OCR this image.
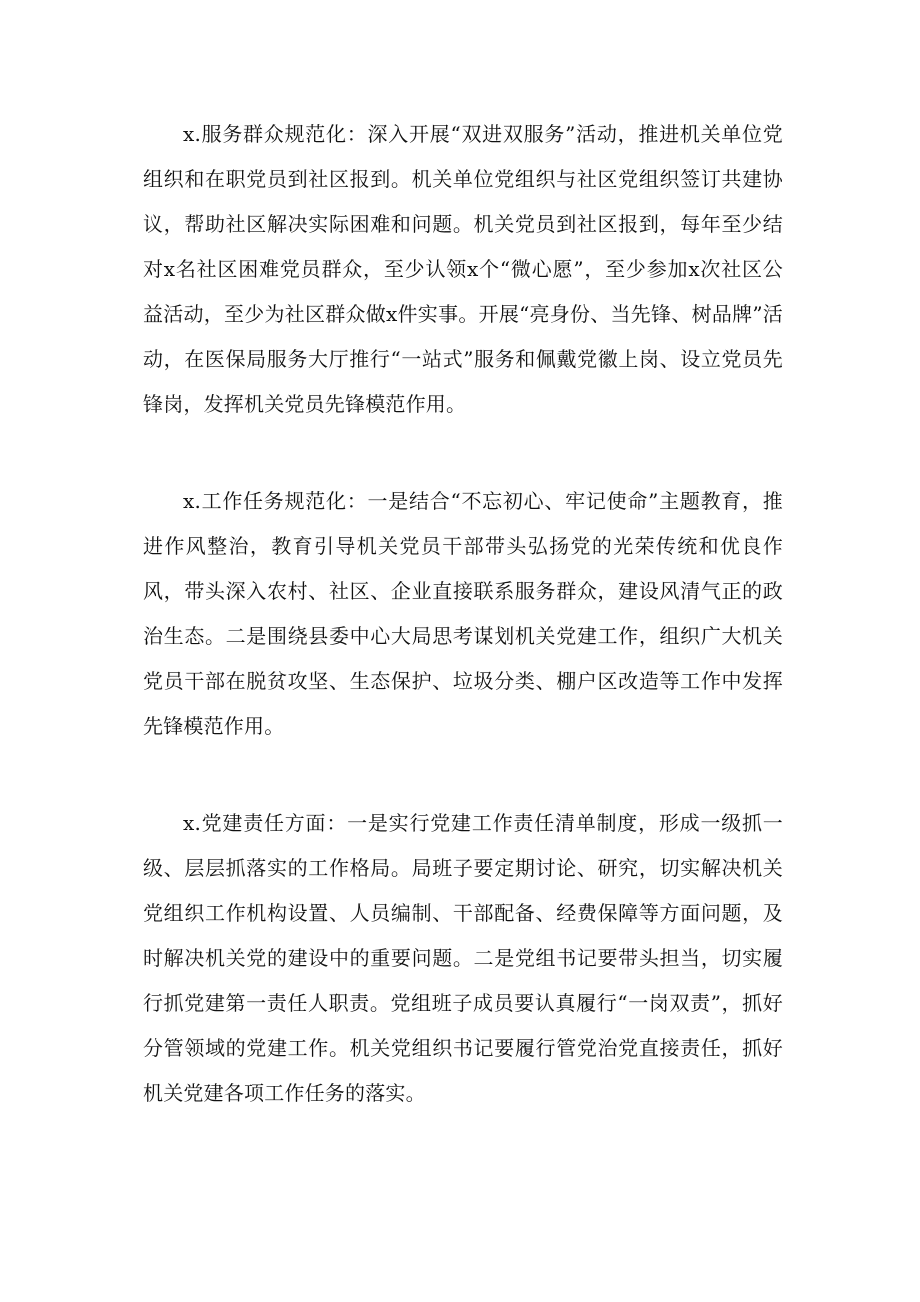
x.服务群众规范化：深入开展“双进双服务”活动，推进机关单位党组织和在职党员到社区报到。机关单位党组织与社区党组织签订共建协议，帮助社区解决实际困难和问题。机关党员到社区报到，每年至少结对x名社区困难党员群众，至少认领x个“微心愿”，至少参加x次社区公益活动，至少为社区群众做x件实事。开展“亮身份、当先锋、树品牌”活动，在医保局服务大厅推行“一站式”服务和佩戴党徽上岗、设立党员先锋岗，发挥机关党员先锋模范作用。

x.工作任务规范化：一是结合“不忘初心、牢记使命”主题教育，推进作风整治，教育引导机关党员干部带头弘扬党的光荣传统和优良作风，带头深入农村、社区、企业直接联系服务群众，建设风清气正的政治生态。二是围绕县委中心大局思考谋划机关党建工作，组织广大机关党员干部在脱贫攻坚、生态保护、垃圾分类、棚户区改造等工作中发挥先锋模范作用。

x.党建责任方面：一是实行党建工作责任清单制度，形成一级抓一级、层层抓落实的工作格局。局班子要定期讨论、研究，切实解决机关党组织工作机构设置、人员编制、干部配备、经费保障等方面问题，及时解决机关党的建设中的重要问题。二是党组书记要带头担当，切实履行抓党建第一责任人职责。党组班子成员要认真履行“一岗双责”，抓好分管领域的党建工作。机关党组织书记要履行管党治党直接责任，抓好机关党建各项工作任务的落实。
